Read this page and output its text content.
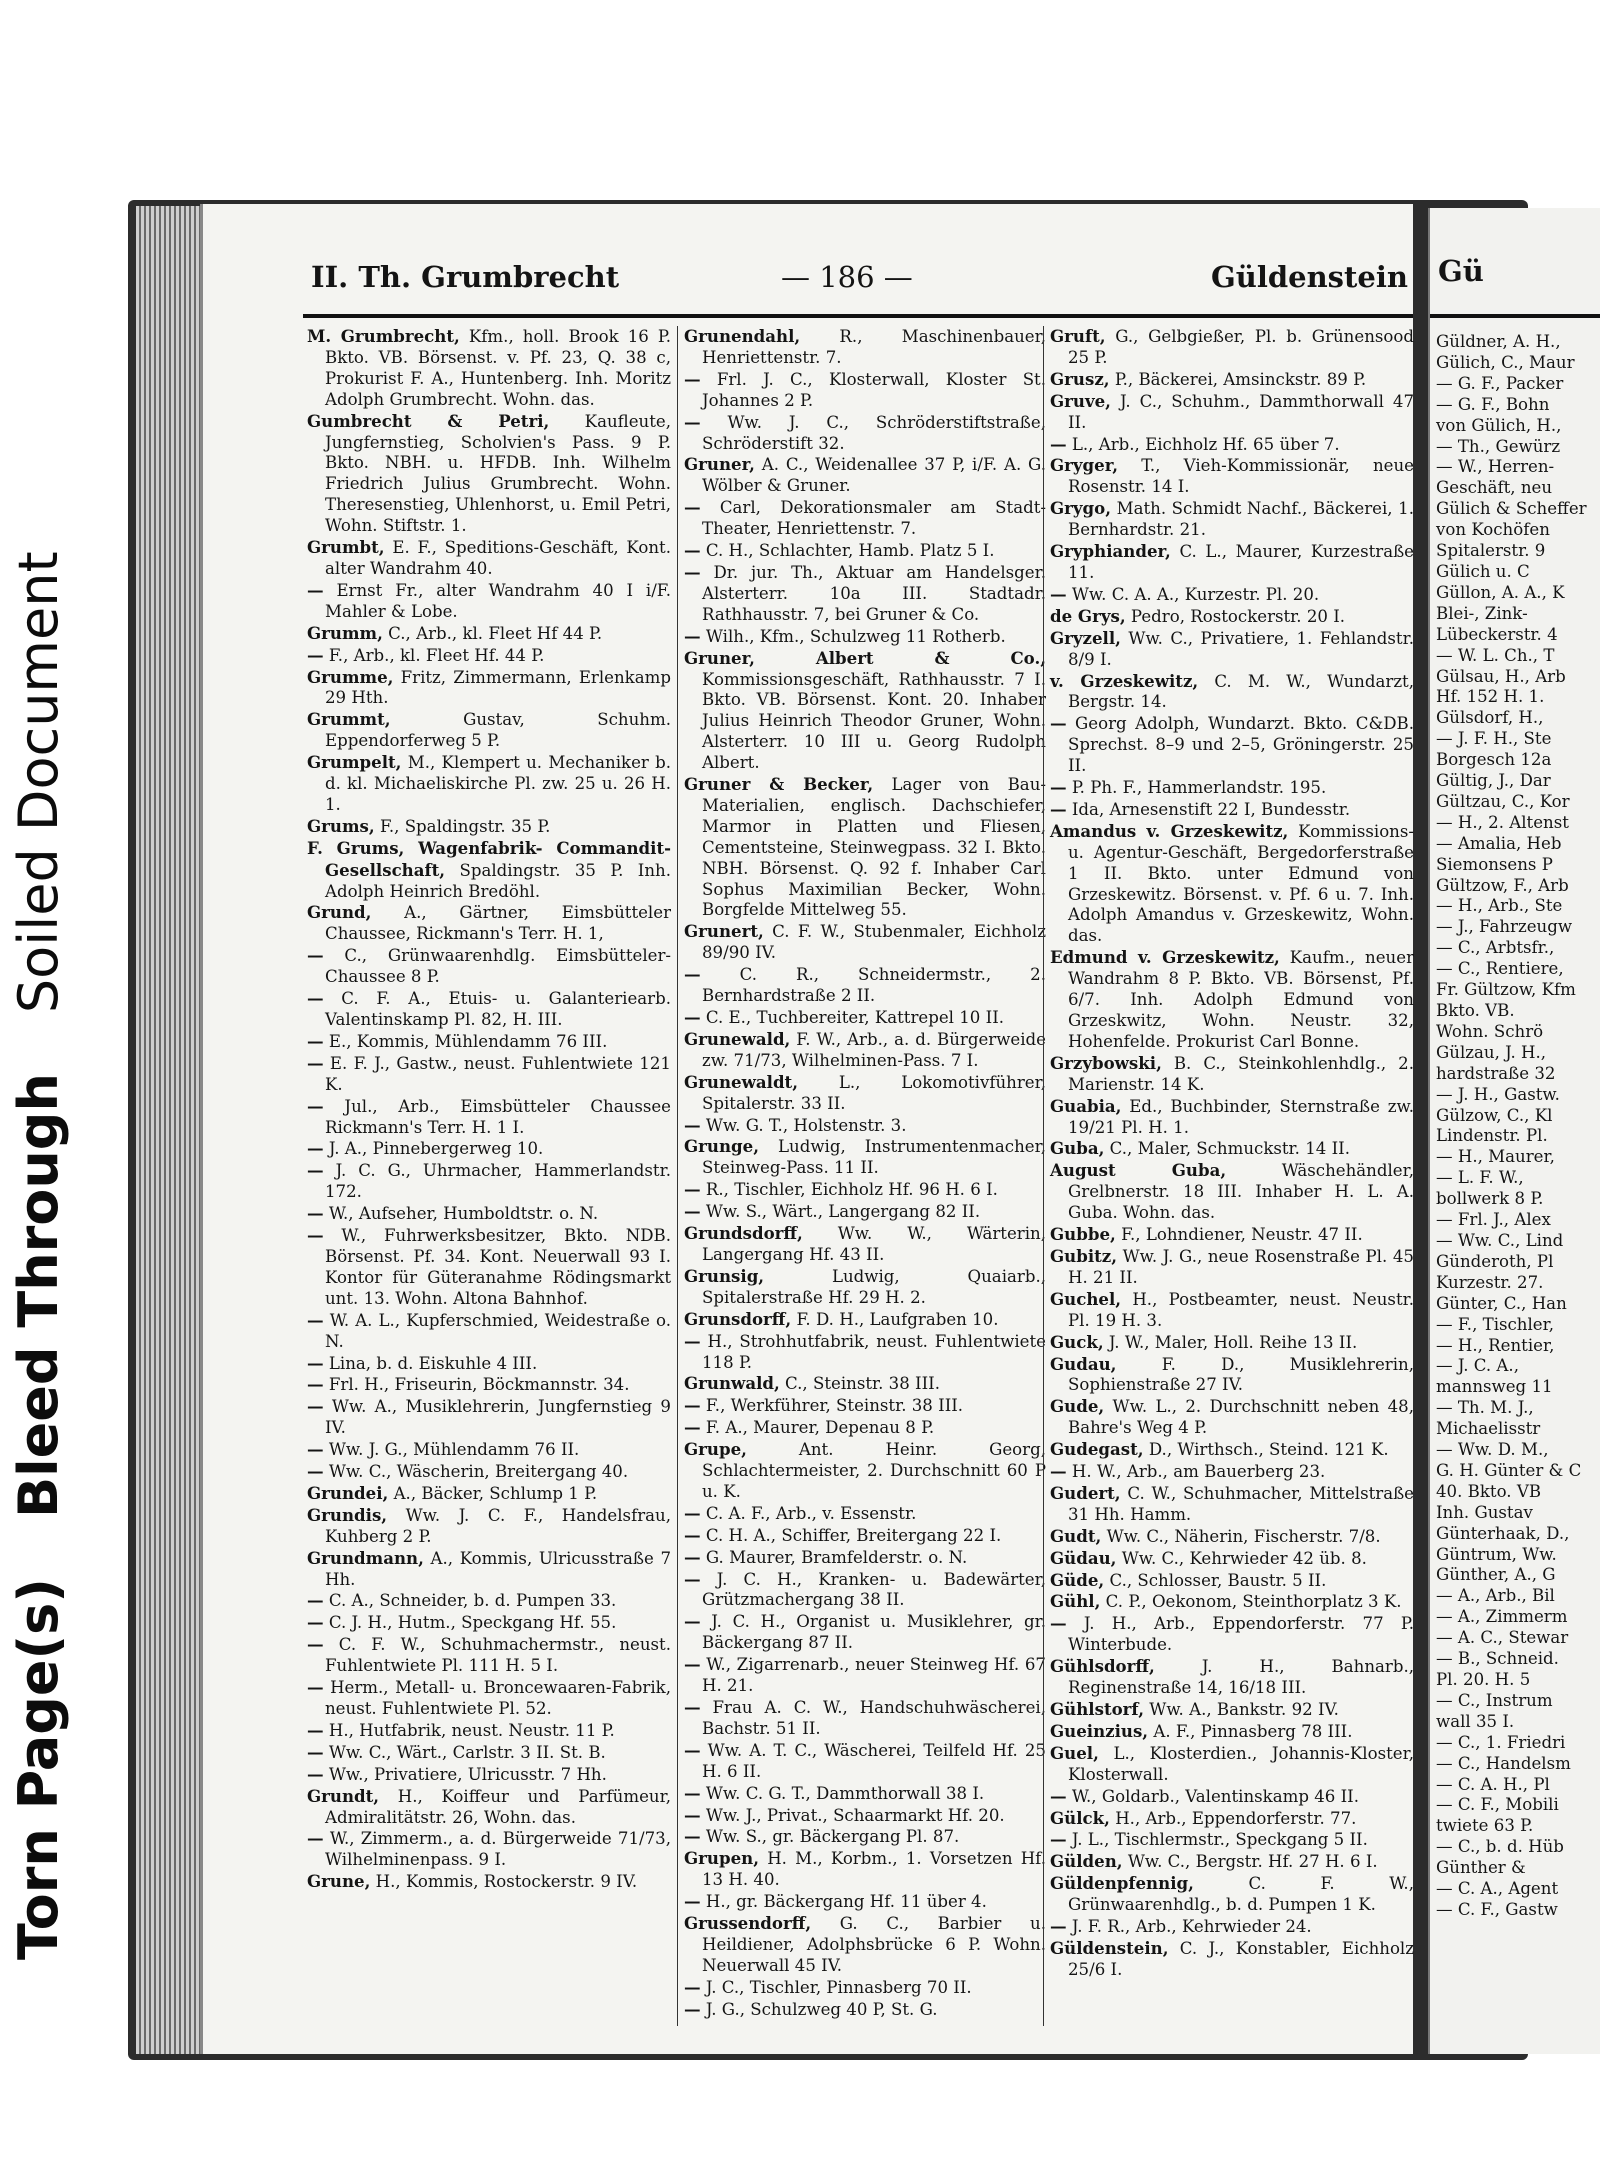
Torn Page(s)
Bleed Through
Soiled Document
II. Th. Grumbrecht	— 186 —	Güldenstein

M. Grumbrecht, Kfm., holl. Brook 16 P. Bkto. VB. Börsenst. v. Pf. 23, Q. 38 c, Prokurist F. A., Huntenberg. Inh. Moritz Adolph Grumbrecht. Wohn. das.

Gumbrecht & Petri, Kaufleute, Jungfernstieg, Scholvien's Pass. 9 P. Bkto. NBH. u. HFDB. Inh. Wilhelm Friedrich Julius Grumbrecht. Wohn. Theresenstieg, Uhlenhorst, u. Emil Petri, Wohn. Stiftstr. 1.

Grumbt, E. F., Speditions-Geschäft, Kont. alter Wandrahm 40.

— Ernst Fr., alter Wandrahm 40 I i/F. Mahler & Lobe.

Grumm, C., Arb., kl. Fleet Hf 44 P.

— F., Arb., kl. Fleet Hf. 44 P.

Grumme, Fritz, Zimmermann, Erlenkamp 29 Hth.

Grummt,	Gustav, Schuhm. Eppendorferweg 5 P.

Grumpelt, M., Klempert u. Mechaniker b. d. kl. Michaeliskirche Pl. zw. 25 u. 26 H. 1.

Grums, F., Spaldingstr. 35 P.

F. Grums, Wagenfabrik- Commandit-Gesellschaft, Spaldingstr. 35 P. Inh. Adolph Heinrich Bredöhl.

Grund, A., Gärtner, Eimsbütteler Chaussee, Rickmann's Terr. H. 1,

— C., Grünwaarenhdlg. Eimsbütteler-Chaussee 8 P.

— C. F. A., Etuis- u. Galanteriearb. Valentinskamp Pl. 82, H. III.

— E., Kommis, Mühlendamm 76 III.

— E. F. J., Gastw., neust. Fuhlentwiete 121 K.

— Jul., Arb., Eimsbütteler Chaussee Rickmann's Terr. H. 1 I.

— J. A., Pinnebergerweg 10.

— J. C. G., Uhrmacher, Hammerlandstr. 172.

— W., Aufseher, Humboldtstr. o. N.

— W., Fuhrwerksbesitzer, Bkto. NDB. Börsenst. Pf. 34. Kont. Neuerwall 93 I. Kontor für Güteranahme Rödingsmarkt unt. 13. Wohn. Altona Bahnhof.

— W. A. L., Kupferschmied, Weidestraße o. N.

— Lina, b. d. Eiskuhle 4 III.

— Frl. H., Friseurin, Böckmannstr. 34.

— Ww. A., Musiklehrerin, Jungfernstieg 9 IV.

— Ww. J. G., Mühlendamm 76 II.

— Ww. C., Wäscherin, Breitergang 40.

Grundei, A., Bäcker, Schlump 1 P.

Grundis, Ww. J. C. F., Handelsfrau, Kuhberg 2 P.

Grundmann, A., Kommis, Ulricusstraße 7 Hh.

— C. A., Schneider, b. d. Pumpen 33.

— C. J. H., Hutm., Speckgang Hf. 55.

— C. F. W., Schuhmachermstr., neust. Fuhlentwiete Pl. 111 H. 5 I.

— Herm., Metall- u. Broncewaaren-Fabrik, neust. Fuhlentwiete Pl. 52.

— H., Hutfabrik, neust. Neustr. 11 P.

— Ww. C., Wärt., Carlstr. 3 II. St. B.

— Ww., Privatiere, Ulricusstr. 7 Hh.

Grundt, H., Koiffeur und Parfümeur, Admiralitätstr. 26, Wohn. das.

— W., Zimmerm., a. d. Bürgerweide 71/73, Wilhelminenpass. 9 I.

Grune, H., Kommis, Rostockerstr. 9 IV.

Grunendahl, R., Maschinenbauer, Henriettenstr. 7.

— Frl. J. C., Klosterwall, Kloster St. Johannes 2 P.

— Ww. J. C., Schröderstiftstraße, Schröderstift 32.

Gruner, A. C., Weidenallee 37 P, i/F. A. G. Wölber & Gruner.

— Carl, Dekorationsmaler am Stadt-Theater, Henriettenstr. 7.

— C. H., Schlachter, Hamb. Platz 5 I.

— Dr. jur. Th., Aktuar am Handelsger. Alsterterr. 10a III. Stadtadr. Rathhausstr. 7, bei Gruner & Co.

— Wilh., Kfm., Schulzweg 11 Rotherb.

Gruner, Albert & Co., Kommissionsgeschäft, Rathhausstr. 7 I. Bkto. VB. Börsenst. Kont. 20. Inhaber Julius Heinrich Theodor Gruner, Wohn. Alsterterr. 10 III u. Georg Rudolph Albert.

Gruner & Becker, Lager von Bau-Materialien, englisch. Dachschiefer, Marmor in Platten und Fliesen, Cementsteine, Steinwegpass. 32 I. Bkto. NBH. Börsenst. Q. 92 f. Inhaber Carl Sophus Maximilian Becker, Wohn. Borgfelde Mittelweg 55.

Grunert, C. F. W., Stubenmaler, Eichholz 89/90 IV.

— C. R., Schneidermstr., 2. Bernhardstraße 2 II.

— C. E., Tuchbereiter, Kattrepel 10 II.

Grunewald, F. W., Arb., a. d. Bürgerweide zw. 71/73, Wilhelminen-Pass. 7 I.

Grunewaldt, L., Lokomotivführer, Spitalerstr. 33 II.

— Ww. G. T., Holstenstr. 3.

Grunge, Ludwig, Instrumentenmacher, Steinweg-Pass. 11 II.

— R., Tischler, Eichholz Hf. 96 H. 6 I.

— Ww. S., Wärt., Langergang 82 II.

Grundsdorff, Ww. W., Wärterin, Langergang Hf. 43 II.

Grunsig,	Ludwig, Quaiarb., Spitalerstraße Hf. 29 H. 2.

Grunsdorff, F. D. H., Laufgraben 10.

— H., Strohhutfabrik, neust. Fuhlentwiete 118 P.

Grunwald, C., Steinstr. 38 III.

— F., Werkführer, Steinstr. 38 III.

— F. A., Maurer, Depenau 8 P.

Grupe,	Ant. Heinr. Georg, Schlachtermeister, 2. Durchschnitt 60 P u. K.

— C. A. F., Arb., v. Essenstr.

— C. H. A., Schiffer, Breitergang 22 I.

— G. Maurer, Bramfelderstr. o. N.

— J. C. H., Kranken- u. Badewärter, Grützmachergang 38 II.

— J. C. H., Organist u. Musiklehrer, gr. Bäckergang 87 II.

— W., Zigarrenarb., neuer Steinweg Hf. 67 H. 21.

— Frau A. C. W., Handschuhwäscherei, Bachstr. 51 II.

— Ww. A. T. C., Wäscherei, Teilfeld Hf. 25 H. 6 II.

— Ww. C. G. T., Dammthorwall 38 I.

— Ww. J., Privat., Schaarmarkt Hf. 20.

— Ww. S., gr. Bäckergang Pl. 87.

Grupen, H. M., Korbm., 1. Vorsetzen Hf. 13 H. 40.

— H., gr. Bäckergang Hf. 11 über 4.

Grussendorff, G. C., Barbier u. Heildiener, Adolphsbrücke 6 P. Wohn. Neuerwall 45 IV.

— J. C., Tischler, Pinnasberg 70 II.

— J. G., Schulzweg 40 P, St. G.

Gruft, G., Gelbgießer, Pl. b. Grünensood 25 P.

Grusz, P., Bäckerei, Amsinckstr. 89 P.

Gruve, J. C., Schuhm., Dammthorwall 47 II.

— L., Arb., Eichholz Hf. 65 über 7.

Gryger, T., Vieh-Kommissionär, neue Rosenstr. 14 I.

Grygo, Math. Schmidt Nachf., Bäckerei, 1. Bernhardstr. 21.

Gryphiander, C. L., Maurer, Kurzestraße 11.

— Ww. C. A. A., Kurzestr. Pl. 20.

de Grys, Pedro, Rostockerstr. 20 I.

Gryzell, Ww. C., Privatiere, 1. Fehlandstr. 8/9 I.

v. Grzeskewitz, C. M. W., Wundarzt, Bergstr. 14.

— Georg Adolph, Wundarzt. Bkto. C&DB. Sprechst. 8–9 und 2–5, Gröningerstr. 25 II.

— P. Ph. F., Hammerlandstr. 195.

— Ida, Arnesenstift 22 I, Bundesstr.

Amandus v. Grzeskewitz, Kommissions- u. Agentur-Geschäft, Bergedorferstraße 1 II. Bkto. unter Edmund von Grzeskewitz. Börsenst. v. Pf. 6 u. 7. Inh. Adolph Amandus v. Grzeskewitz, Wohn. das.

Edmund v. Grzeskewitz, Kaufm., neuer Wandrahm 8 P. Bkto. VB. Börsenst, Pf. 6/7. Inh. Adolph Edmund von Grzeskwitz, Wohn. Neustr. 32, Hohenfelde. Prokurist Carl Bonne.

Grzybowski, B. C., Steinkohlenhdlg., 2. Marienstr. 14 K.

Guabia, Ed., Buchbinder, Sternstraße zw. 19/21 Pl. H. 1.

Guba, C., Maler, Schmuckstr. 14 II.

August Guba,	Wäschehändler, Grelbnerstr. 18 III. Inhaber H. L. A. Guba. Wohn. das.

Gubbe, F., Lohndiener, Neustr. 47 II.

Gubitz, Ww. J. G., neue Rosenstraße Pl. 45 H. 21 II.

Guchel, H., Postbeamter, neust. Neustr. Pl. 19 H. 3.

Guck, J. W., Maler, Holl. Reihe 13 II.

Gudau,	F. D., Musiklehrerin, Sophienstraße 27 IV.

Gude, Ww. L., 2. Durchschnitt neben 48, Bahre's Weg 4 P.

Gudegast, D., Wirthsch., Steind. 121 K.

— H. W., Arb., am Bauerberg 23.

Gudert, C. W., Schuhmacher, Mittelstraße 31 Hh. Hamm.

Gudt, Ww. C., Näherin, Fischerstr. 7/8.

Güdau, Ww. C., Kehrwieder 42 üb. 8.

Güde, C., Schlosser, Baustr. 5 II.

Gühl, C. P., Oekonom, Steinthorplatz 3 K.

— J. H., Arb., Eppendorferstr. 77 P. Winterbude.

Gühlsdorff,	J. H., Bahnarb., Reginenstraße 14, 16/18 III.

Gühlstorf, Ww. A., Bankstr. 92 IV.

Gueinzius, A. F., Pinnasberg 78 III.

Guel, L., Klosterdien., Johannis-Kloster, Klosterwall.

— W., Goldarb., Valentinskamp 46 II.

Gülck, H., Arb., Eppendorferstr. 77.

— J. L., Tischlermstr., Speckgang 5 II.

Gülden, Ww. C., Bergstr. Hf. 27 H. 6 I.

Güldenpfennig,	C. F. W., Grünwaarenhdlg., b. d. Pumpen 1 K.

— J. F. R., Arb., Kehrwieder 24.

Güldenstein, C. J., Konstabler, Eichholz 25/6 I.

Gü
Güldner, A. H.,
Gülich, C., Maur
— G. F., Packer
— G. F., Bohn
von Gülich, H.,
— Th., Gewürz
— W., Herren-
Geschäft, neu
Gülich & Scheffer
von Kochöfen
Spitalerstr. 9
Gülich u. C
Güllon, A. A., K
Blei-, Zink-
Lübeckerstr. 4
— W. L. Ch., T
Gülsau, H., Arb
Hf. 152 H. 1.
Gülsdorf, H.,
— J. F. H., Ste
Borgesch 12a
Gültig, J., Dar
Gültzau, C., Kor
— H., 2. Altenst
— Amalia, Heb
Siemonsens P
Gültzow, F., Arb
— H., Arb., Ste
— J., Fahrzeugw
— C., Arbtsfr.,
— C., Rentiere,
Fr. Gültzow, Kfm
Bkto. VB.
Wohn. Schrö
Gülzau, J. H.,
hardstraße 32
— J. H., Gastw.
Gülzow, C., Kl
Lindenstr. Pl.
— H., Maurer,
— L. F. W.,
bollwerk 8 P.
— Frl. J., Alex
— Ww. C., Lind
Günderoth, Pl
Kurzestr. 27.
Günter, C., Han
— F., Tischler,
— H., Rentier,
— J. C. A.,
mannsweg 11
— Th. M. J.,
Michaelisstr
— Ww. D. M.,
G. H. Günter & C
40. Bkto. VB
Inh. Gustav
Günterhaak, D.,
Güntrum, Ww.
Günther, A., G
— A., Arb., Bil
— A., Zimmerm
— A. C., Stewar
— B., Schneid.
Pl. 20. H. 5
— C., Instrum
wall 35 I.
— C., 1. Friedri
— C., Handelsm
— C. A. H., Pl
— C. F., Mobili
twiete 63 P.
— C., b. d. Hüb
Günther &
— C. A., Agent
— C. F., Gastw
